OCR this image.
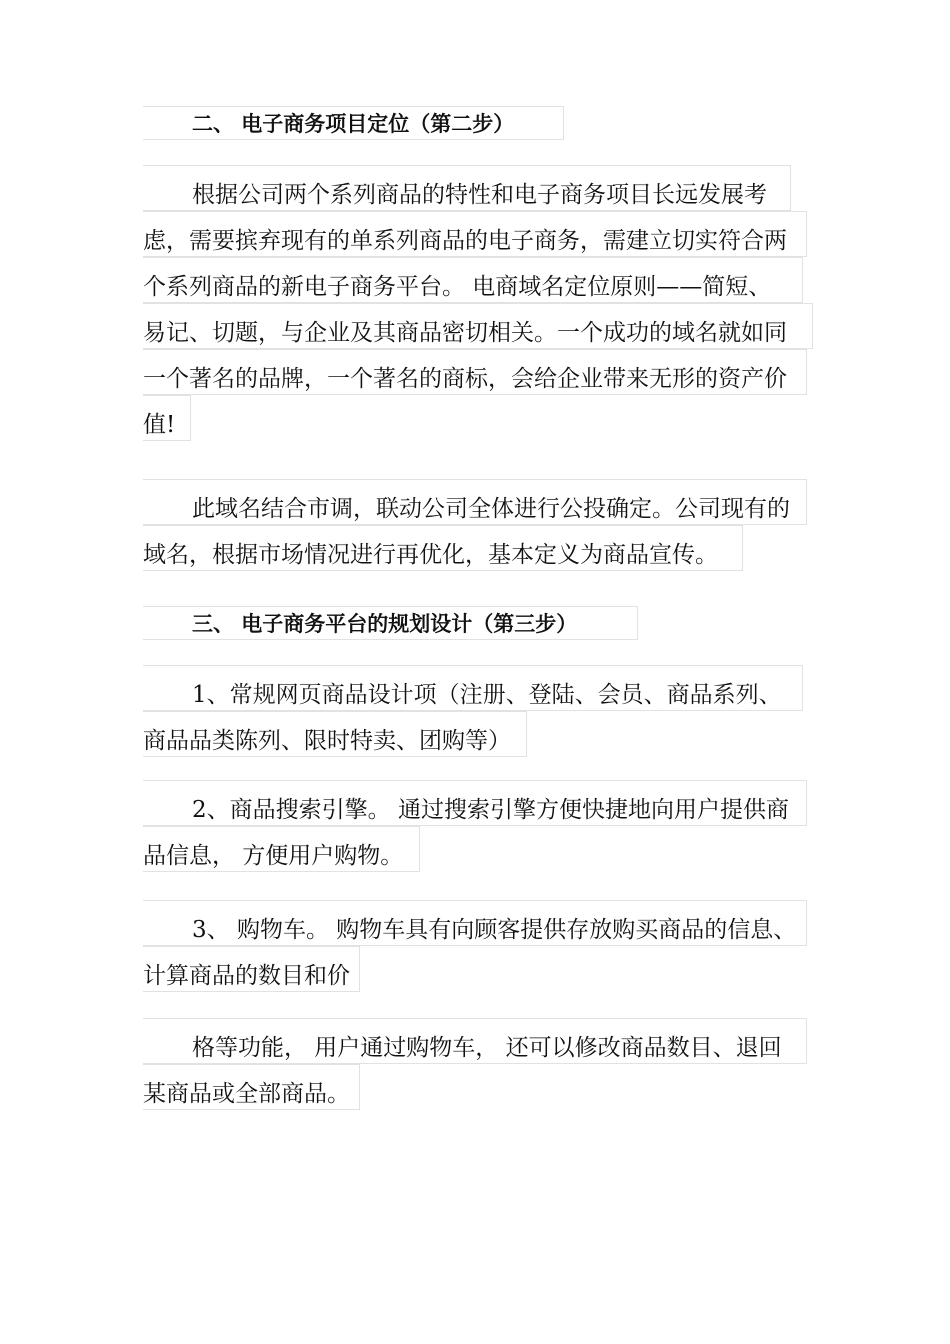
二、 电子商务项目定位（第二步）
根据公司两个系列商品的特性和电子商务项目长远发展考
虑，需要摈弃现有的单系列商品的电子商务，需建立切实符合两
个系列商品的新电子商务平台。 电商域名定位原则——简短、
易记、切题，与企业及其商品密切相关。一个成功的域名就如同
一个著名的品牌，一个著名的商标，会给企业带来无形的资产价
值!
此域名结合市调，联动公司全体进行公投确定。公司现有的
域名，根据市场情况进行再优化，基本定义为商品宣传。
三、 电子商务平台的规划设计（第三步）
1、常规网页商品设计项（注册、登陆、会员、商品系列、
商品品类陈列、限时特卖、团购等）
2、商品搜索引擎。 通过搜索引擎方便快捷地向用户提供商
品信息， 方便用户购物。
3、 购物车。 购物车具有向顾客提供存放购买商品的信息、
计算商品的数目和价
格等功能， 用户通过购物车， 还可以修改商品数目、退回
某商品或全部商品。
